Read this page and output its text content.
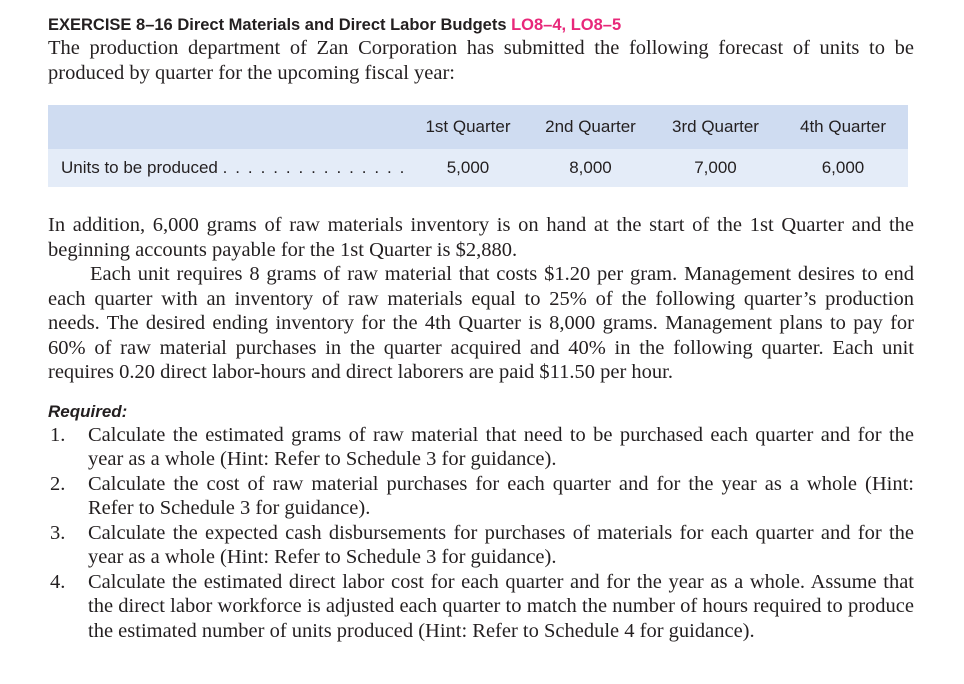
EXERCISE 8–16 Direct Materials and Direct Labor Budgets LO8–4, LO8–5

The production department of Zan Corporation has submitted the following forecast of units to be produced by quarter for the upcoming fiscal year:

	1st Quarter	2nd Quarter	3rd Quarter	4th Quarter
Units to be produced . . . . . . . . . . . . . . .	5,000	8,000	7,000	6,000

In addition, 6,000 grams of raw materials inventory is on hand at the start of the 1st Quarter and the beginning accounts payable for the 1st Quarter is $2,880.

Each unit requires 8 grams of raw material that costs $1.20 per gram. Management desires to end each quarter with an inventory of raw materials equal to 25% of the following quarter’s production needs. The desired ending inventory for the 4th Quarter is 8,000 grams. Management plans to pay for 60% of raw material purchases in the quarter acquired and 40% in the following quarter. Each unit requires 0.20 direct labor-hours and direct laborers are paid $11.50 per hour.

Required:

1.	Calculate the estimated grams of raw material that need to be purchased each quarter and for the year as a whole (Hint: Refer to Schedule 3 for guidance).
2.	Calculate the cost of raw material purchases for each quarter and for the year as a whole (Hint: Refer to Schedule 3 for guidance).
3.	Calculate the expected cash disbursements for purchases of materials for each quarter and for the year as a whole (Hint: Refer to Schedule 3 for guidance).
4.	Calculate the estimated direct labor cost for each quarter and for the year as a whole. Assume that the direct labor workforce is adjusted each quarter to match the number of hours required to produce the estimated number of units produced (Hint: Refer to Schedule 4 for guidance).
